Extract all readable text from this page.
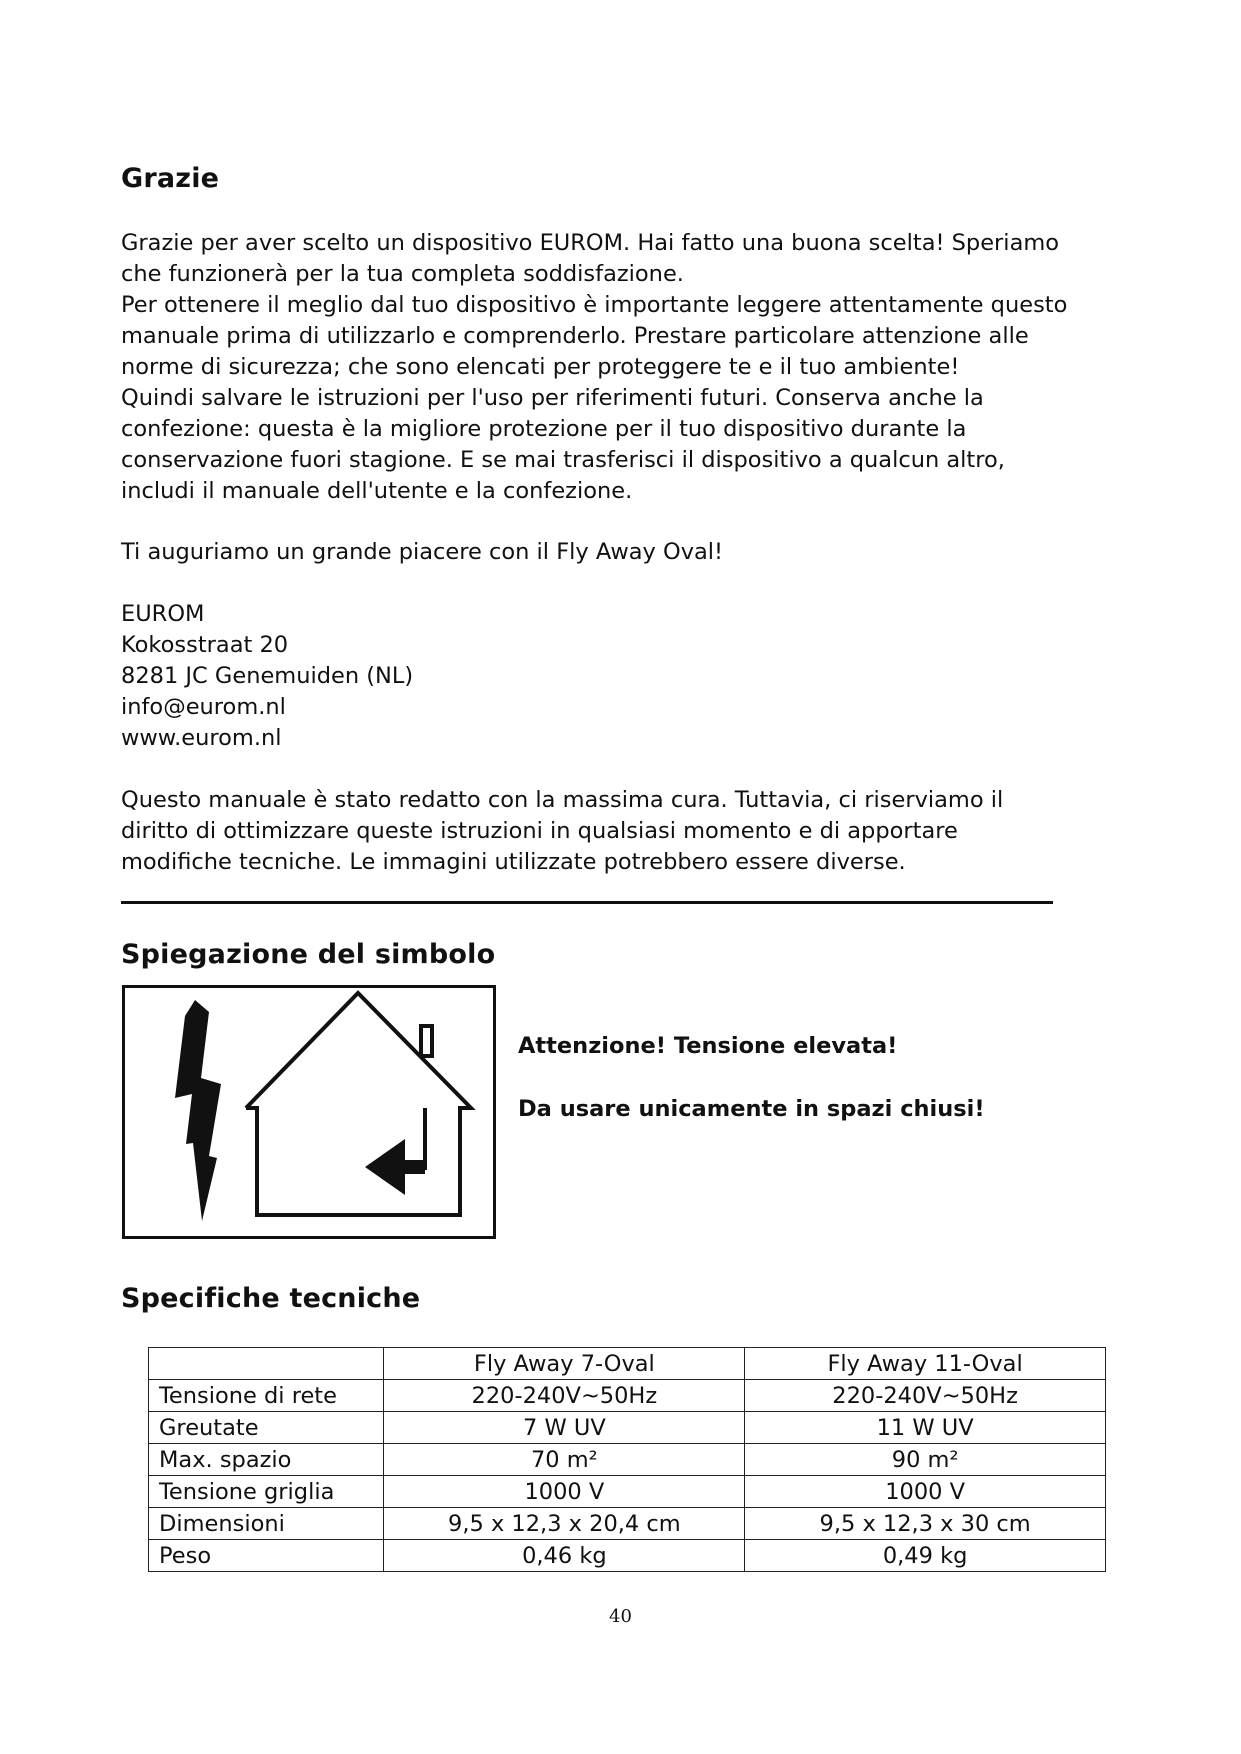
Grazie

Grazie per aver scelto un dispositivo EUROM. Hai fatto una buona scelta! Speriamo
che funzionerà per la tua completa soddisfazione.
Per ottenere il meglio dal tuo dispositivo è importante leggere attentamente questo
manuale prima di utilizzarlo e comprenderlo. Prestare particolare attenzione alle
norme di sicurezza; che sono elencati per proteggere te e il tuo ambiente!
Quindi salvare le istruzioni per l'uso per riferimenti futuri. Conserva anche la
confezione: questa è la migliore protezione per il tuo dispositivo durante la
conservazione fuori stagione. E se mai trasferisci il dispositivo a qualcun altro,
includi il manuale dell'utente e la confezione.

Ti auguriamo un grande piacere con il Fly Away Oval!

EUROM
Kokosstraat 20
8281 JC Genemuiden (NL)
info@eurom.nl
www.eurom.nl

Questo manuale è stato redatto con la massima cura. Tuttavia, ci riserviamo il
diritto di ottimizzare queste istruzioni in qualsiasi momento e di apportare
modifiche tecniche. Le immagini utilizzate potrebbero essere diverse.

Spiegazione del simbolo

Attenzione! Tensione elevata!

Da usare unicamente in spazi chiusi!

Specifiche tecniche
	Fly Away 7-Oval	Fly Away 11-Oval
Tensione di rete	220-240V~50Hz	220-240V~50Hz
Greutate	7 W UV	11 W UV
Max. spazio	70 m²	90 m²
Tensione griglia	1000 V	1000 V
Dimensioni	9,5 x 12,3 x 20,4 cm	9,5 x 12,3 x 30 cm
Peso	0,46 kg	0,49 kg

40
